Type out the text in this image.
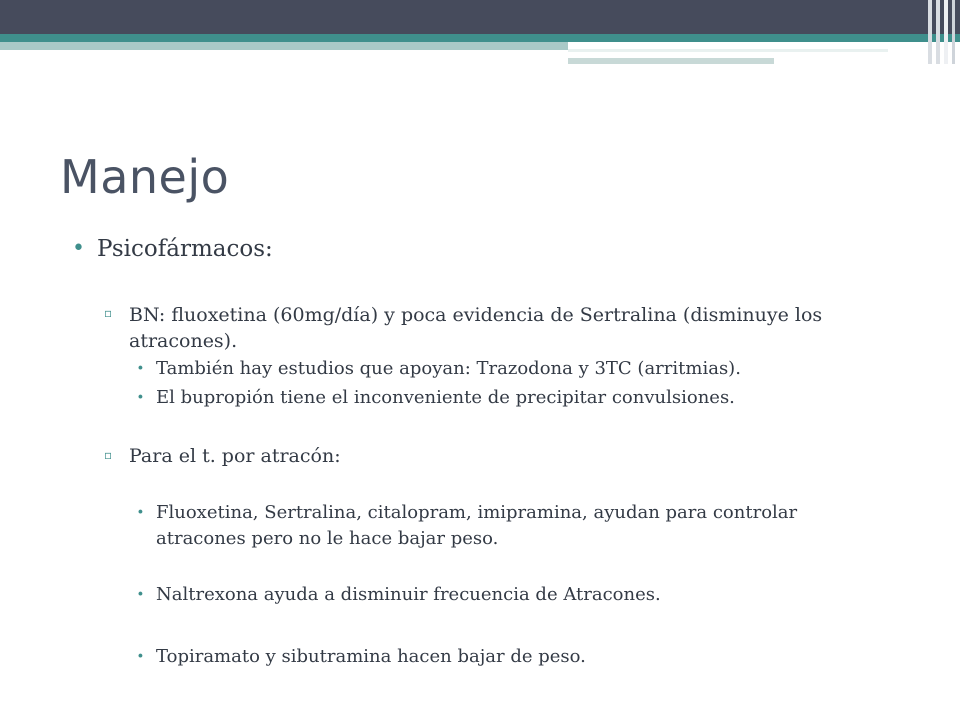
Manejo
• Psicofármacos:
▫ BN: fluoxetina (60mg/día) y poca evidencia de Sertralina (disminuye los atracones).
∙ También hay estudios que apoyan: Trazodona y 3TC (arritmias).
∙ El bupropión tiene el inconveniente de precipitar convulsiones.
▫ Para el t. por atracón:
∙ Fluoxetina, Sertralina, citalopram, imipramina, ayudan para controlar atracones pero no le hace bajar peso.
∙ Naltrexona ayuda a disminuir frecuencia de Atracones.
∙ Topiramato y sibutramina hacen bajar de peso.
